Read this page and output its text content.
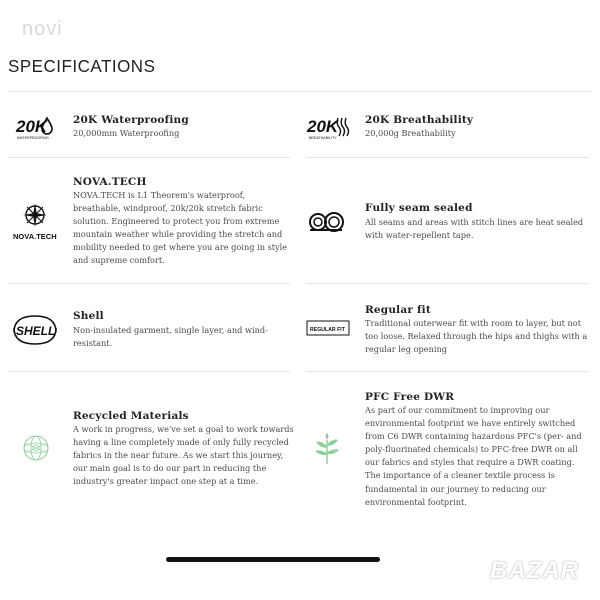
novi
SPECIFICATIONS
20K
WATERPROOFING
20K Waterproofing
20,000mm Waterproofing	20K
BREATHABILITY
20K Breathability
20,000g Breathability
NOVA.TECH
NOVA.TECH
NOVA.TECH is L1 Theorem's waterproof,
breathable, windproof, 20k/20k stretch fabric
solution. Engineered to protect you from extreme
mountain weather while providing the stretch and
mobility needed to get where you are going in style
and supreme comfort.
Fully seam sealed
All seams and areas with stitch lines are heat sealed
with water-repellent tape.
SHELL
Shell
Non-insulated garment, single layer, and wind-
resistant.
REGULAR FIT
Regular fit
Traditional outerwear fit with room to layer, but not
too loose. Relaxed through the hips and thighs with a
regular leg opening
Recycled Materials
A work in progress, we've set a goal to work towards
having a line completely made of only fully recycled
fabrics in the near future. As we start this journey,
our main goal is to do our part in reducing the
industry's greater impact one step at a time.
PFC Free DWR
As part of our commitment to improving our
environmental footprint we have entirely switched
from C6 DWR containing hazardous PFC's (per- and
poly-fluorinated chemicals) to PFC-free DWR on all
our fabrics and styles that require a DWR coating.
The importance of a cleaner textile process is
fundamental in our journey to reducing our
environmental footprint.
BAZAR
